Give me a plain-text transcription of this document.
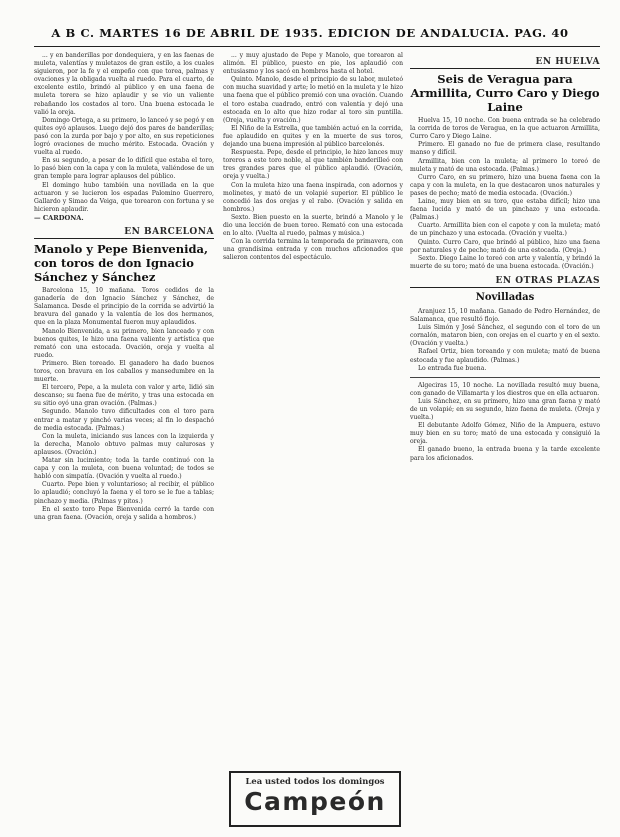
A B C. MARTES 16 DE ABRIL DE 1935. EDICION DE ANDALUCIA. PAG. 40

... y en banderillas por dondequiera, y en las faenas de muleta, valentías y muletazos de gran estilo, a los cuales siguieron, por la fe y el empeño con que torea, palmas y ovaciones y la obligada vuelta al ruedo. Para el cuarto, de excelente estilo, brindó al público y en una faena de muleta torera se hizo aplaudir y se vio un valiente rebañando los costados al toro. Una buena estocada le valió la oreja.

Domingo Ortega, a su primero, lo lanceó y se pegó y en quites oyó aplausos. Luego dejó dos pares de banderillas; pasó con la zurda por bajo y por alto, en sus repeticiones logró ovaciones de mucho mérito. Estocada. Ovación y vuelta al ruedo.

En su segundo, a pesar de lo difícil que estaba el toro, lo pasó bien con la capa y con la muleta, valiéndose de un gran temple para lograr aplausos del público.

El domingo hubo también una novillada en la que actuaron y se lucieron los espadas Palomino Guerrero, Gallardo y Simao da Veiga, que torearon con fortuna y se hicieron aplaudir.

— CARDONA.

EN BARCELONA
Manolo y Pepe Bienvenida, con toros de don Ignacio Sánchez y Sánchez

Barcelona 15, 10 mañana. Toros cedidos de la ganadería de don Ignacio Sánchez y Sánchez, de Salamanca. Desde el principio de la corrida se advirtió la bravura del ganado y la valentía de los dos hermanos, que en la plaza Monumental fueron muy aplaudidos.

Manolo Bienvenida, a su primero, bien lanceado y con buenos quites, le hizo una faena valiente y artística que remató con una estocada. Ovación, oreja y vuelta al ruedo.

Primero. Bien toreado. El ganadero ha dado buenos toros, con bravura en los caballos y mansedumbre en la muerte.

El tercero, Pepe, a la muleta con valor y arte, lidió sin descanso; su faena fue de mérito, y tras una estocada en su sitio oyó una gran ovación. (Palmas.)

Segundo. Manolo tuvo dificultades con el toro para entrar a matar y pinchó varias veces; al fin lo despachó de media estocada. (Palmas.)

Con la muleta, iniciando sus lances con la izquierda y la derecha, Manolo obtuvo palmas muy calurosas y aplausos. (Ovación.)

Matar sin lucimiento; toda la tarde continuó con la capa y con la muleta, con buena voluntad; de todos se habló con simpatía. (Ovación y vuelta al ruedo.)

Cuarto. Pepe bien y voluntarioso; al recibir, el público lo aplaudió; concluyó la faena y el toro se le fue a tablas; pinchazo y media. (Palmas y pitos.)

En el sexto toro Pepe Bienvenida cerró la tarde con una gran faena. (Ovación, oreja y salida a hombros.)

... y muy ajustado de Pepe y Manolo, que torearon al alimón. El público, puesto en pie, los aplaudió con entusiasmo y los sacó en hombros hasta el hotel.

Quinto. Manolo, desde el principio de su labor, muleteó con mucha suavidad y arte; lo metió en la muleta y le hizo una faena que el público premió con una ovación. Cuando el toro estaba cuadrado, entró con valentía y dejó una estocada en lo alto que hizo rodar al toro sin puntilla. (Oreja, vuelta y ovación.)

El Niño de la Estrella, que también actuó en la corrida, fue aplaudido en quites y en la muerte de sus toros, dejando una buena impresión al público barcelonés.

Respuesta. Pepe, desde el principio, le hizo lances muy toreros a este toro noble, al que también banderilleó con tres grandes pares que el público aplaudió. (Ovación, oreja y vuelta.)

Con la muleta hizo una faena inspirada, con adornos y molinetes, y mató de un volapié superior. El público le concedió las dos orejas y el rabo. (Ovación y salida en hombros.)

Sexto. Bien puesto en la suerte, brindó a Manolo y le dio una lección de buen toreo. Remató con una estocada en lo alto. (Vuelta al ruedo, palmas y música.)

Con la corrida termina la temporada de primavera, con una grandísima entrada y con muchos aficionados que salieron contentos del espectáculo.

Lea usted todos los domingos
Campeón
EN HUELVA
Seis de Veragua para Armillita, Curro Caro y Diego Laine

Huelva 15, 10 noche. Con buena entrada se ha celebrado la corrida de toros de Veragua, en la que actuaron Armillita, Curro Caro y Diego Laine.

Primero. El ganado no fue de primera clase, resultando manso y difícil.

Armillita, bien con la muleta; al primero lo toreó de muleta y mató de una estocada. (Palmas.)

Curro Caro, en su primero, hizo una buena faena con la capa y con la muleta, en la que destacaron unos naturales y pases de pecho; mató de media estocada. (Ovación.)

Laine, muy bien en su toro, que estaba difícil; hizo una faena lucida y mató de un pinchazo y una estocada. (Palmas.)

Cuarto. Armillita bien con el capote y con la muleta; mató de un pinchazo y una estocada. (Ovación y vuelta.)

Quinto. Curro Caro, que brindó al público, hizo una faena por naturales y de pecho; mató de una estocada. (Oreja.)

Sexto. Diego Laine lo toreó con arte y valentía, y brindó la muerte de su toro; mató de una buena estocada. (Ovación.)

EN OTRAS PLAZAS
Novilladas

Aranjuez 15, 10 mañana. Ganado de Pedro Hernández, de Salamanca, que resultó flojo.

Luis Simón y José Sánchez, el segundo con el toro de un cornalón, mataron bien, con orejas en el cuarto y en el sexto. (Ovación y vuelta.)

Rafael Ortiz, bien toreando y con muleta; mató de buena estocada y fue aplaudido. (Palmas.)

Lo entrada fue buena.

Algeciras 15, 10 noche. La novillada resultó muy buena, con ganado de Villamarta y los diestros que en ella actuaron.

Luis Sánchez, en su primero, hizo una gran faena y mató de un volapié; en su segundo, hizo faena de muleta. (Oreja y vuelta.)

El debutante Adolfo Gómez, Niño de la Ampuera, estuvo muy bien en su toro; mató de una estocada y consiguió la oreja.

El ganado bueno, la entrada buena y la tarde excelente para los aficionados.
